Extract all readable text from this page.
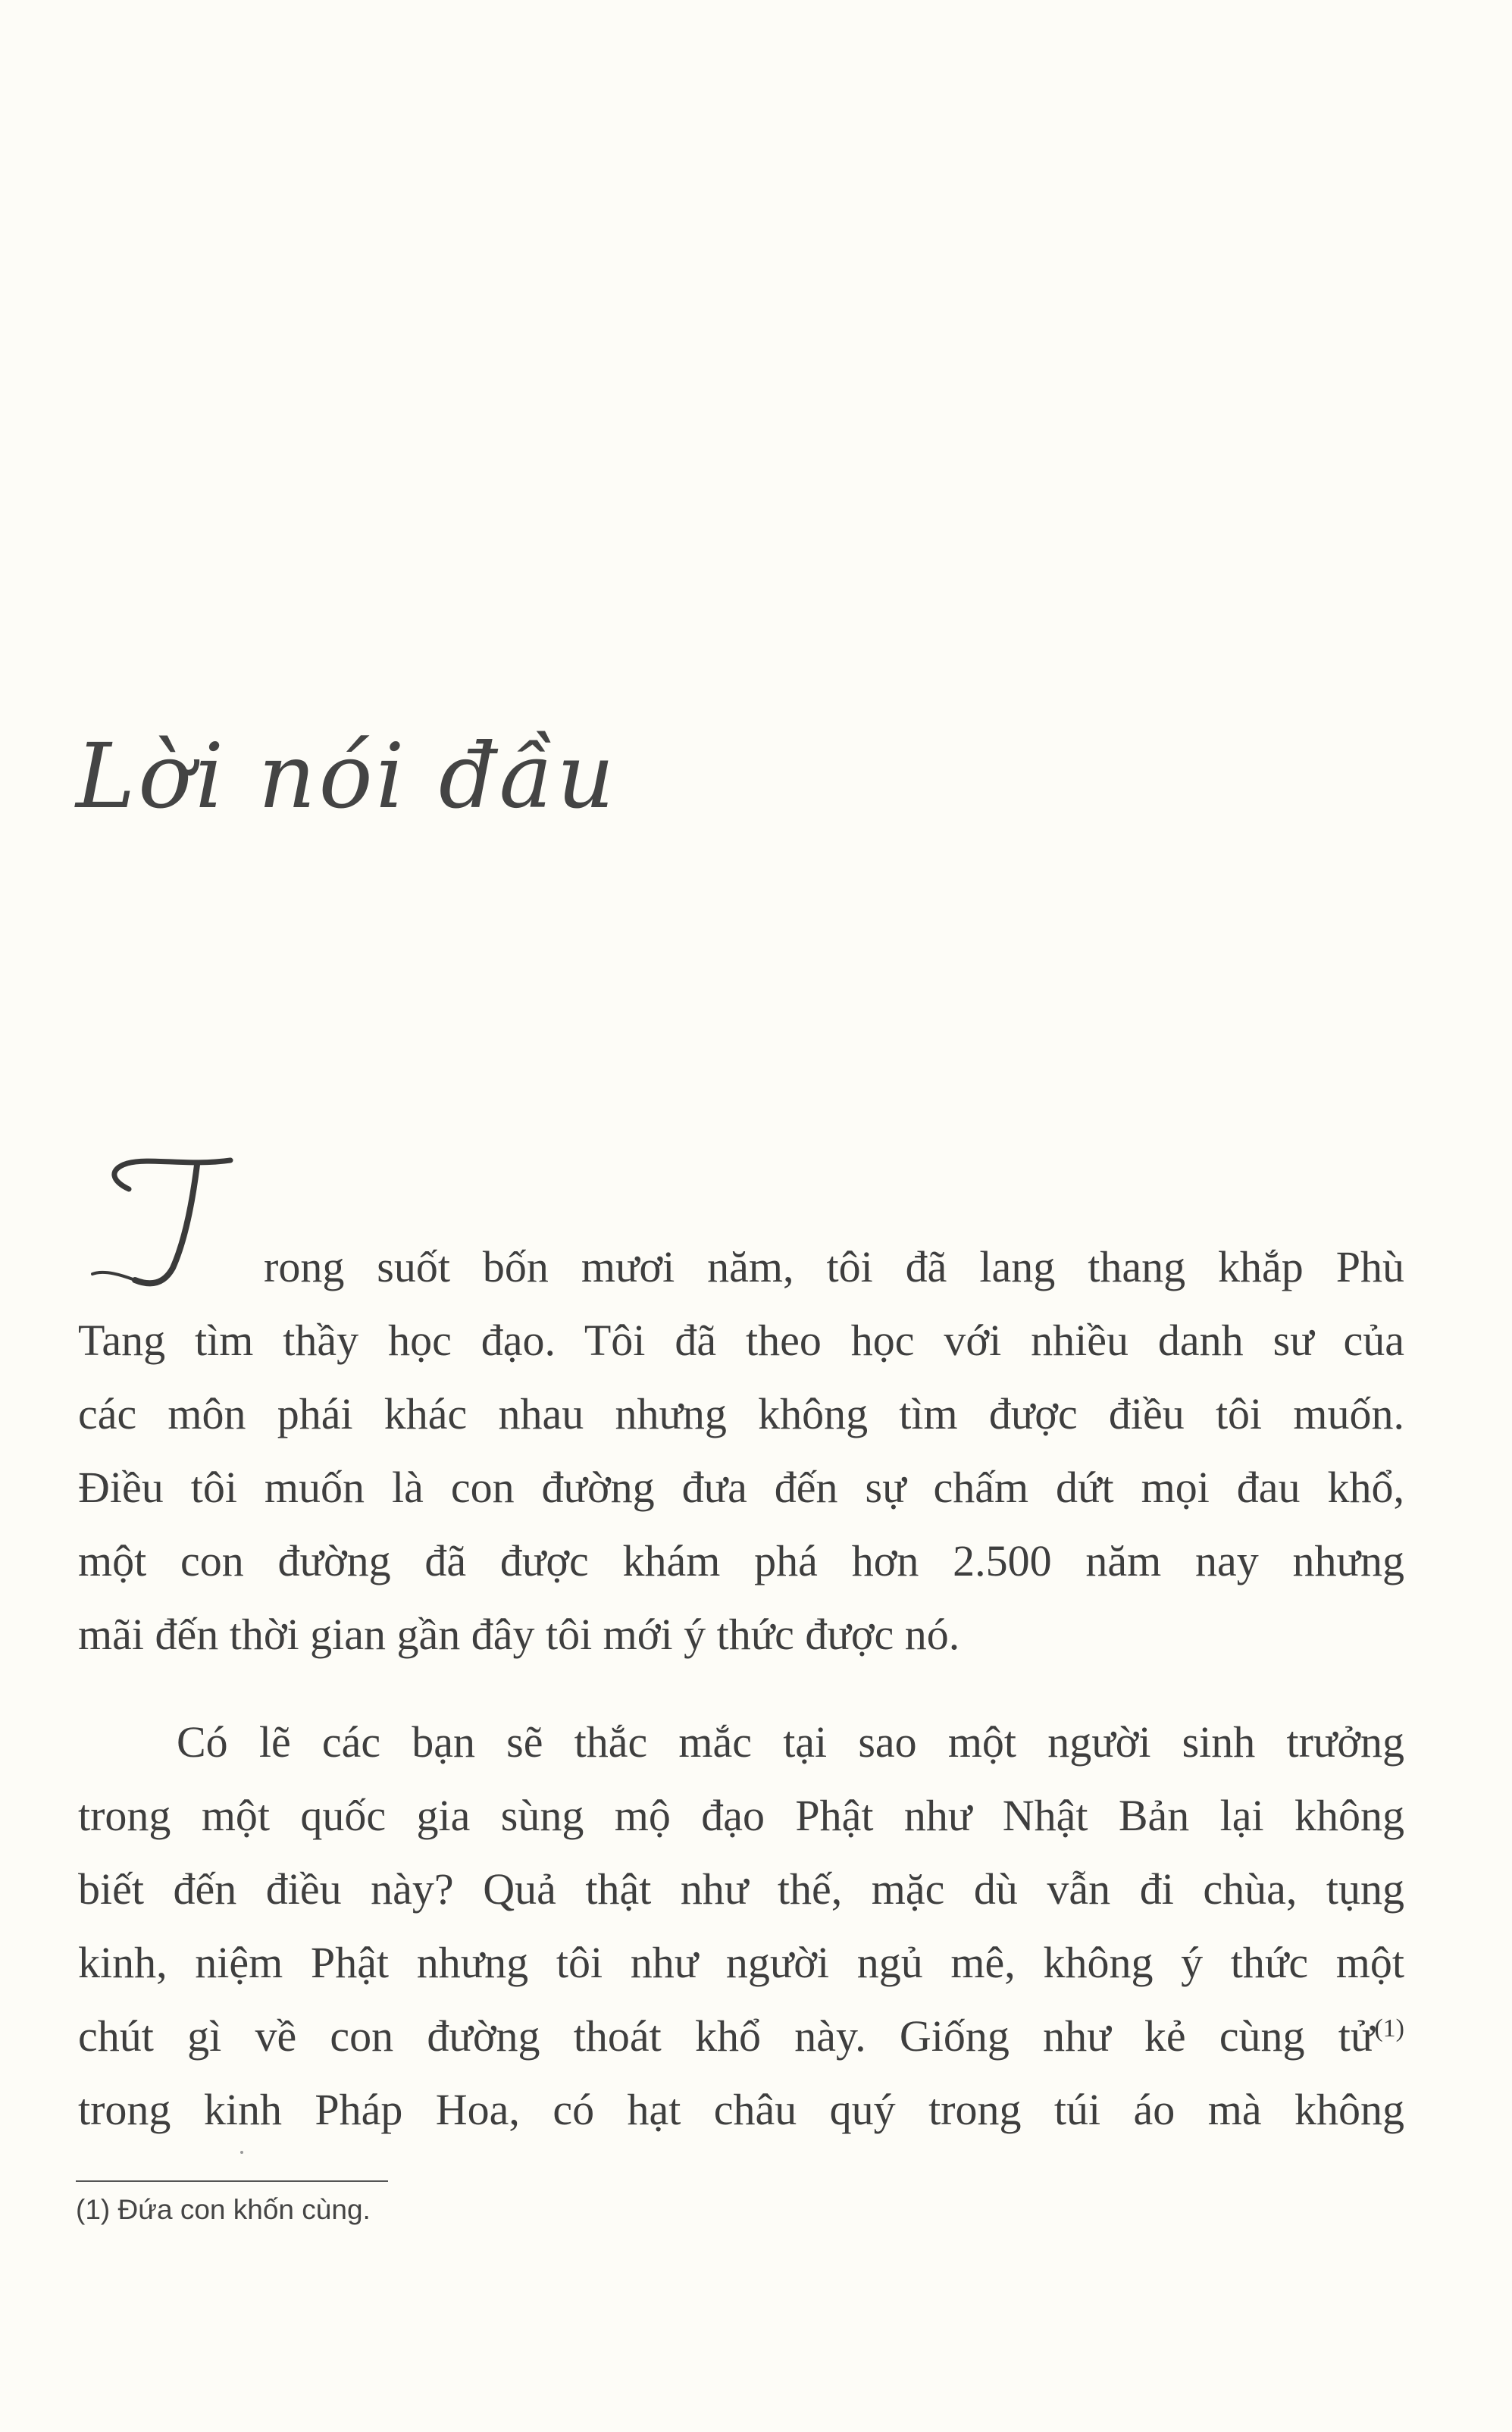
Lời nói đầu
rong suốt bốn mươi năm, tôi đã lang thang khắp Phù
Tang tìm thầy học đạo. Tôi đã theo học với nhiều danh sư của
các môn phái khác nhau nhưng không tìm được điều tôi muốn.
Điều tôi muốn là con đường đưa đến sự chấm dứt mọi đau khổ,
một con đường đã được khám phá hơn 2.500 năm nay nhưng
mãi đến thời gian gần đây tôi mới ý thức được nó.
Có lẽ các bạn sẽ thắc mắc tại sao một người sinh trưởng
trong một quốc gia sùng mộ đạo Phật như Nhật Bản lại không
biết đến điều này? Quả thật như thế, mặc dù vẫn đi chùa, tụng
kinh, niệm Phật nhưng tôi như người ngủ mê, không ý thức một
chút gì về con đường thoát khổ này. Giống như kẻ cùng tử$^{(1)}$
trong kinh Pháp Hoa, có hạt châu quý trong túi áo mà không
(1) Đứa con khốn cùng.
